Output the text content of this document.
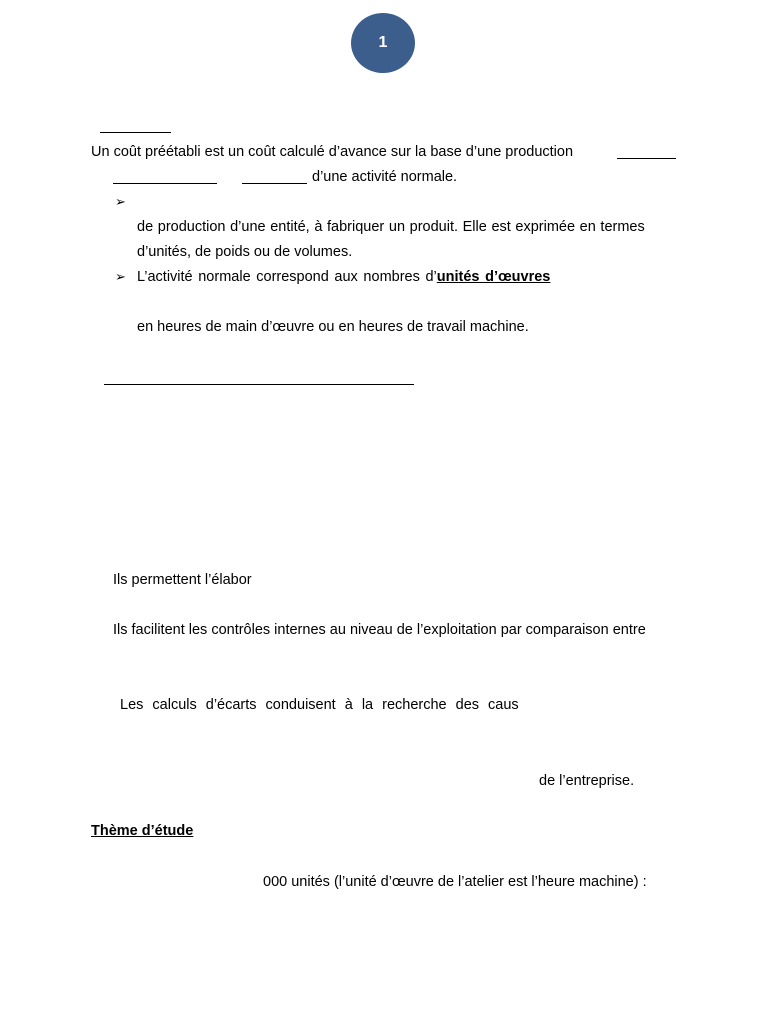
1
Un coût préétabli est un coût calculé d’avance sur la base d’une production
d’une activité normale.
➢
de production d’une entité, à fabriquer un produit. Elle est exprimée en termes
d’unités, de poids ou de volumes.
➢ L’activité normale correspond aux nombres d’unités d’œuvres
en heures de main d’œuvre ou en heures de travail machine.
Ils permettent l’élabor
Ils facilitent les contrôles internes au niveau de l’exploitation par comparaison entre
Les calculs d’écarts conduisent à la recherche des caus
de l’entreprise.
Thème d’étude
000 unités (l’unité d’œuvre de l’atelier est l’heure machine) :
